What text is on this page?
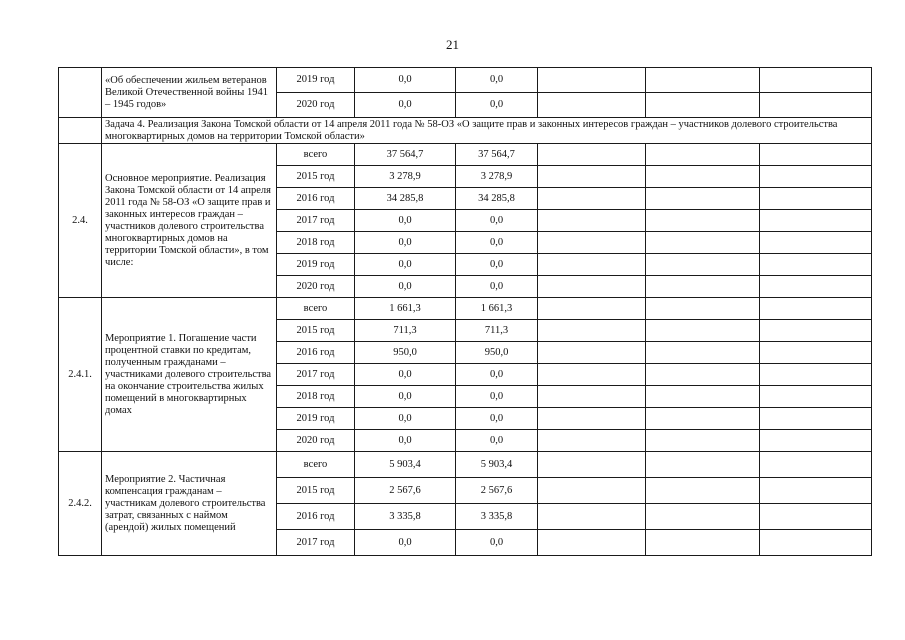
21
	«Об обеспечении жильем ветеранов Великой Отечественной войны 1941 – 1945 годов»	2019 год	0,0	0,0			
		2020 год	0,0	0,0			
	Задача 4. Реализация Закона Томской области от 14 апреля 2011 года № 58-ОЗ «О защите прав и законных интересов граждан – участников долевого строительства многоквартирных домов на территории Томской области»						
2.4.	Основное мероприятие. Реализация Закона Томской области от 14 апреля 2011 года № 58-ОЗ «О защите прав и законных интересов граждан – участников долевого строительства многоквартирных домов на территории Томской области», в том числе:	всего	37 564,7	37 564,7			
		2015 год	3 278,9	3 278,9			
		2016 год	34 285,8	34 285,8			
		2017 год	0,0	0,0			
		2018 год	0,0	0,0			
		2019 год	0,0	0,0			
		2020 год	0,0	0,0			
2.4.1.	Мероприятие 1. Погашение части процентной ставки по кредитам, полученным гражданами – участниками долевого строительства на окончание строительства жилых помещений в многоквартирных домах	всего	1 661,3	1 661,3			
		2015 год	711,3	711,3			
		2016 год	950,0	950,0			
		2017 год	0,0	0,0			
		2018 год	0,0	0,0			
		2019 год	0,0	0,0			
		2020 год	0,0	0,0			
2.4.2.	Мероприятие 2. Частичная компенсация гражданам – участникам долевого строительства затрат, связанных с наймом (арендой) жилых помещений	всего	5 903,4	5 903,4			
		2015 год	2 567,6	2 567,6			
		2016 год	3 335,8	3 335,8			
		2017 год	0,0	0,0			
